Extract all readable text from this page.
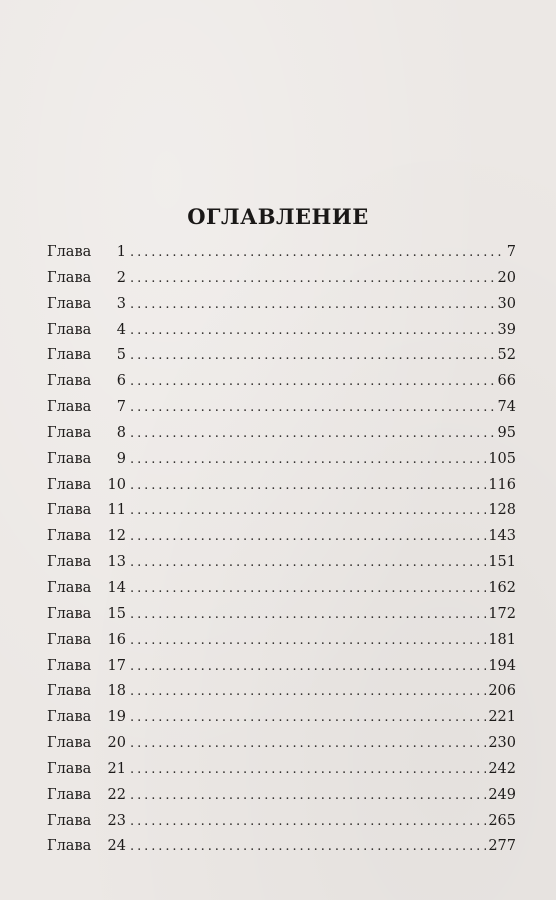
ОГЛАВЛЕНИЕ
Глава	1 . . .	7
Глава	2 . . .	20
Глава	3 . . .	30
Глава	4 . . .	39
Глава	5 . . .	52
Глава	6 . . .	66
Глава	7 . . .	74
Глава	8 . . .	95
Глава	9 . . .	105
Глава	10 . . .	116
Глава	11 . . .	128
Глава	12 . . .	143
Глава	13 . . .	151
Глава	14 . . .	162
Глава	15 . . .	172
Глава	16 . . .	181
Глава	17 . . .	194
Глава	18 . . .	206
Глава	19 . . .	221
Глава	20 . . .	230
Глава	21 . . .	242
Глава	22 . . .	249
Глава	23 . . .	265
Глава	24 . . .	277
